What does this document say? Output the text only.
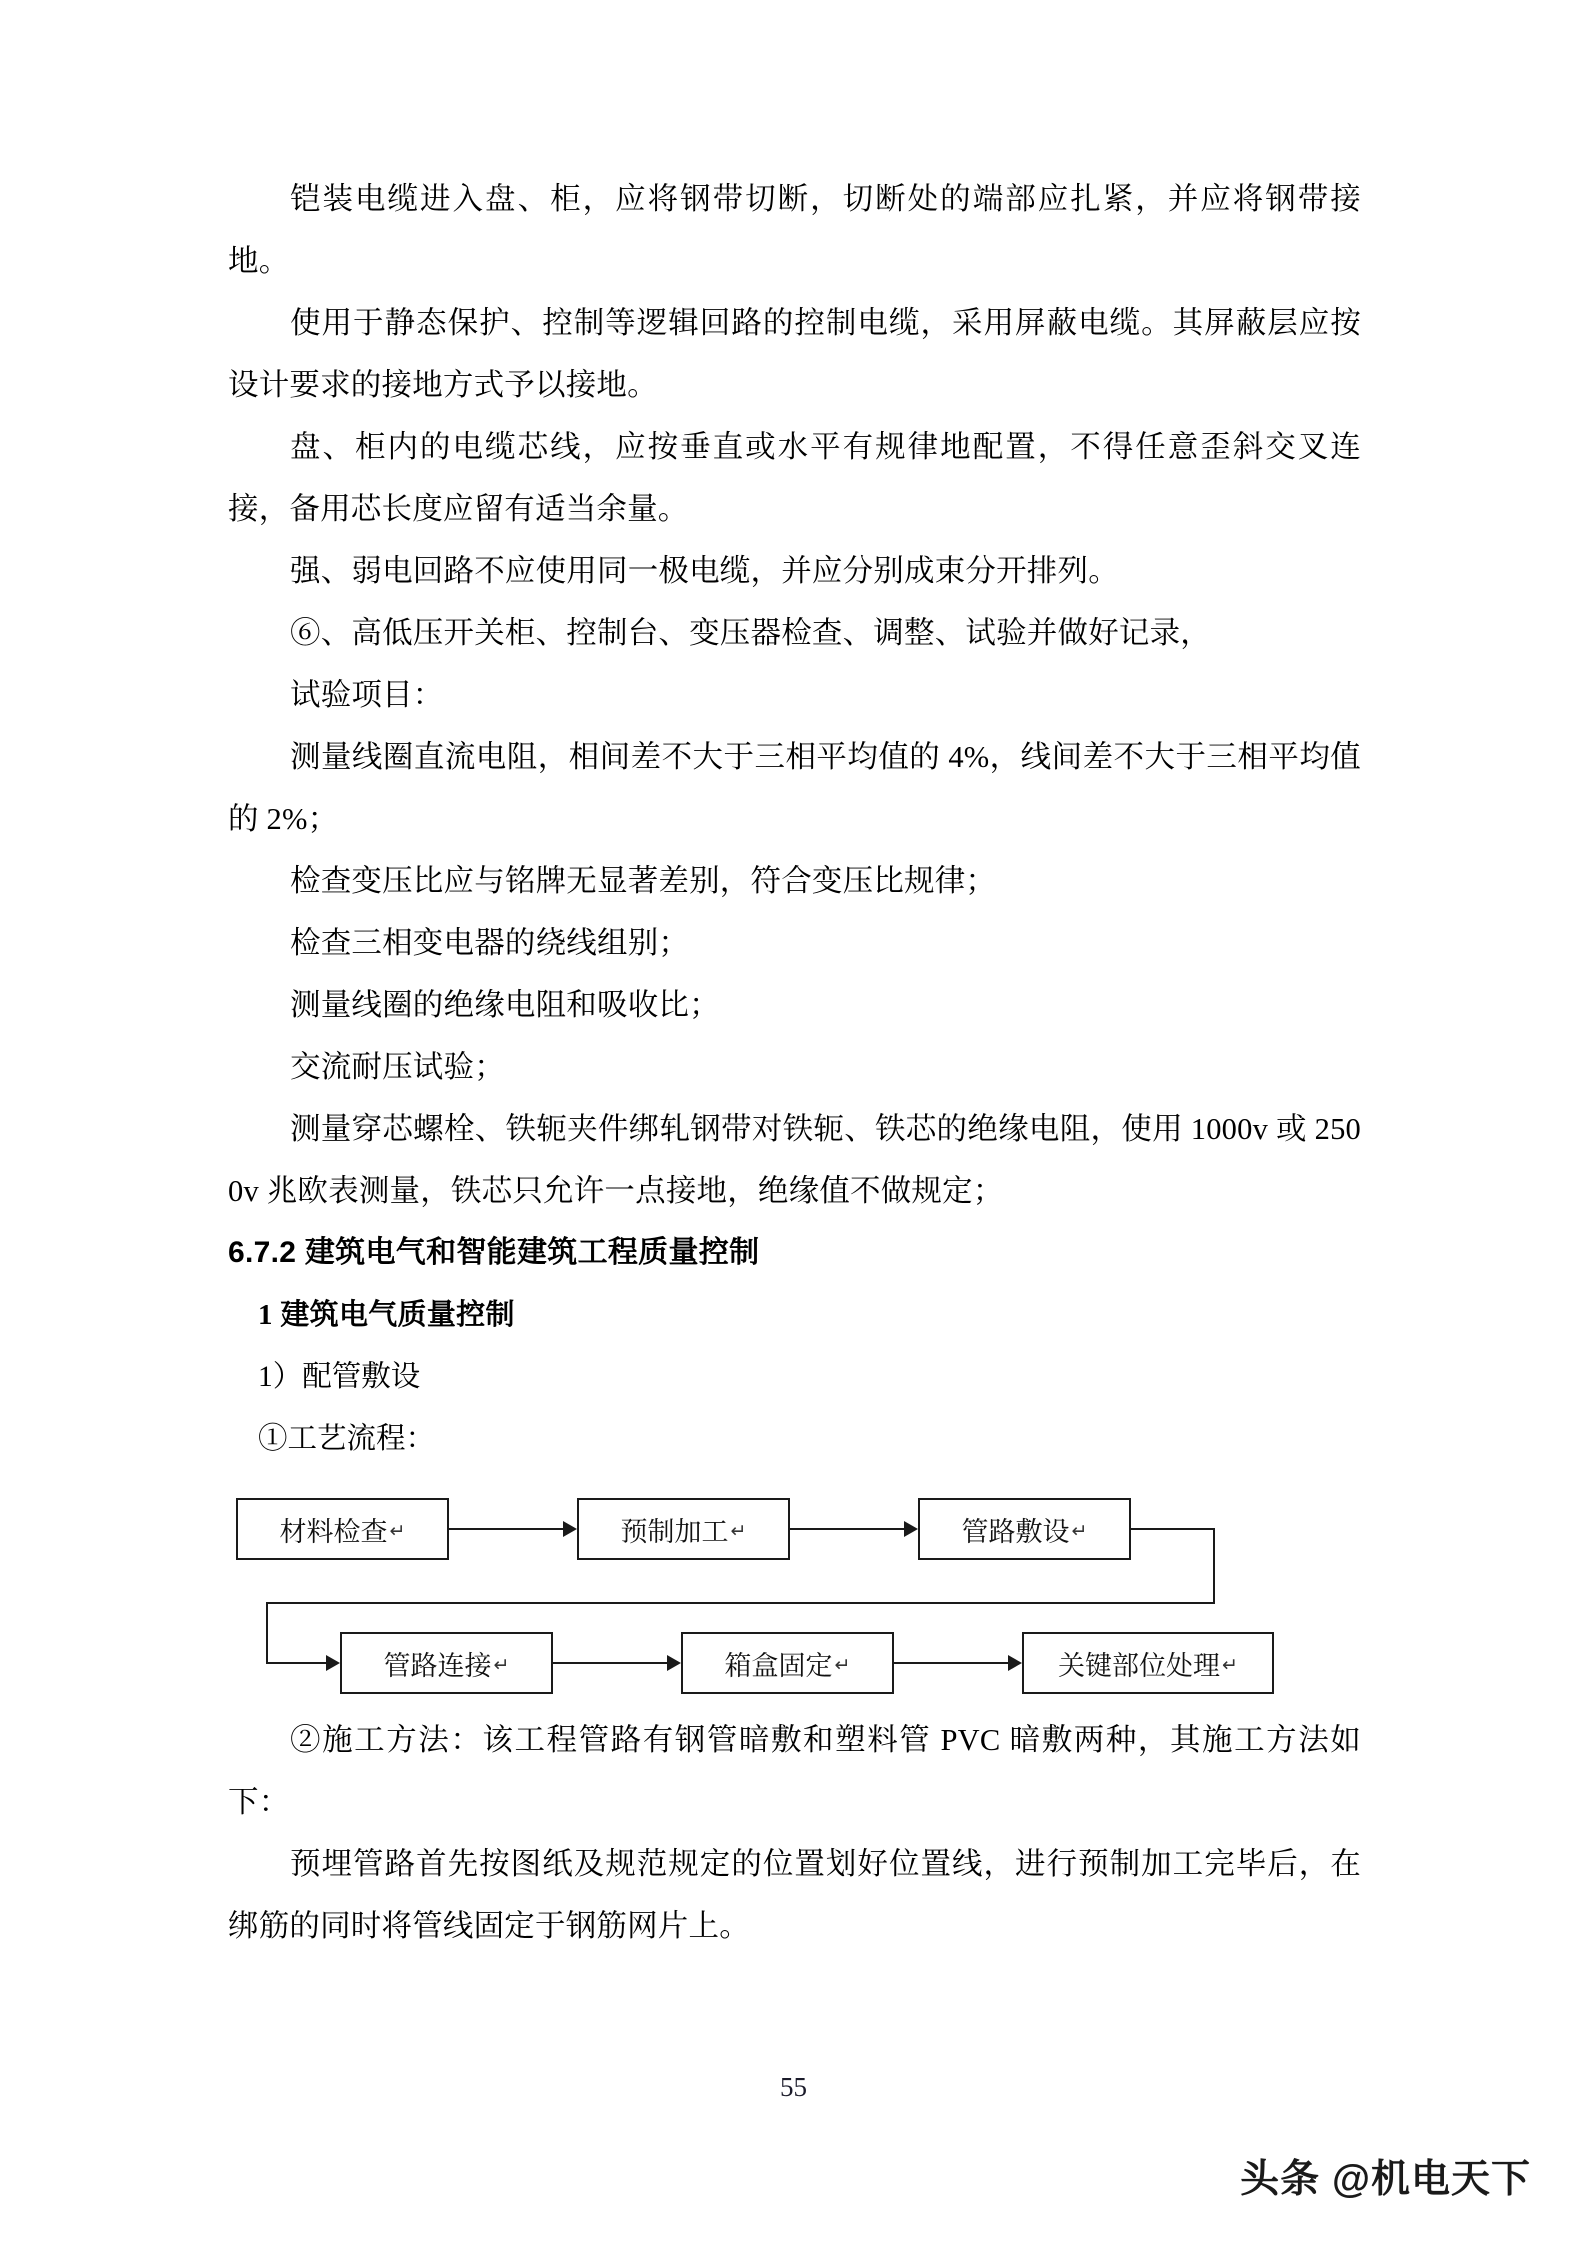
铠装电缆进入盘、柜，应将钢带切断，切断处的端部应扎紧，并应将钢带接地。

使用于静态保护、控制等逻辑回路的控制电缆，采用屏蔽电缆。其屏蔽层应按设计要求的接地方式予以接地。

盘、柜内的电缆芯线，应按垂直或水平有规律地配置，不得任意歪斜交叉连接，备用芯长度应留有适当余量。

强、弱电回路不应使用同一极电缆，并应分别成束分开排列。

⑥、高低压开关柜、控制台、变压器检查、调整、试验并做好记录，

试验项目：

测量线圈直流电阻，相间差不大于三相平均值的 4%，线间差不大于三相平均值的 2%；

检查变压比应与铭牌无显著差别，符合变压比规律；

检查三相变电器的绕线组别；

测量线圈的绝缘电阻和吸收比；

交流耐压试验；

测量穿芯螺栓、铁轭夹件绑轧钢带对铁轭、铁芯的绝缘电阻，使用 1000v 或 2500v 兆欧表测量，铁芯只允许一点接地，绝缘值不做规定；

6.7.2 建筑电气和智能建筑工程质量控制
1 建筑电气质量控制
1）配管敷设
①工艺流程：
材料检查 ↵	预制加工 ↵	管路敷设 ↵
管路连接 ↵	箱盒固定 ↵	关键部位处理 ↵

②施工方法：该工程管路有钢管暗敷和塑料管 PVC 暗敷两种，其施工方法如下：

预埋管路首先按图纸及规范规定的位置划好位置线，进行预制加工完毕后，在绑筋的同时将管线固定于钢筋网片上。

55
头条 @机电天下
